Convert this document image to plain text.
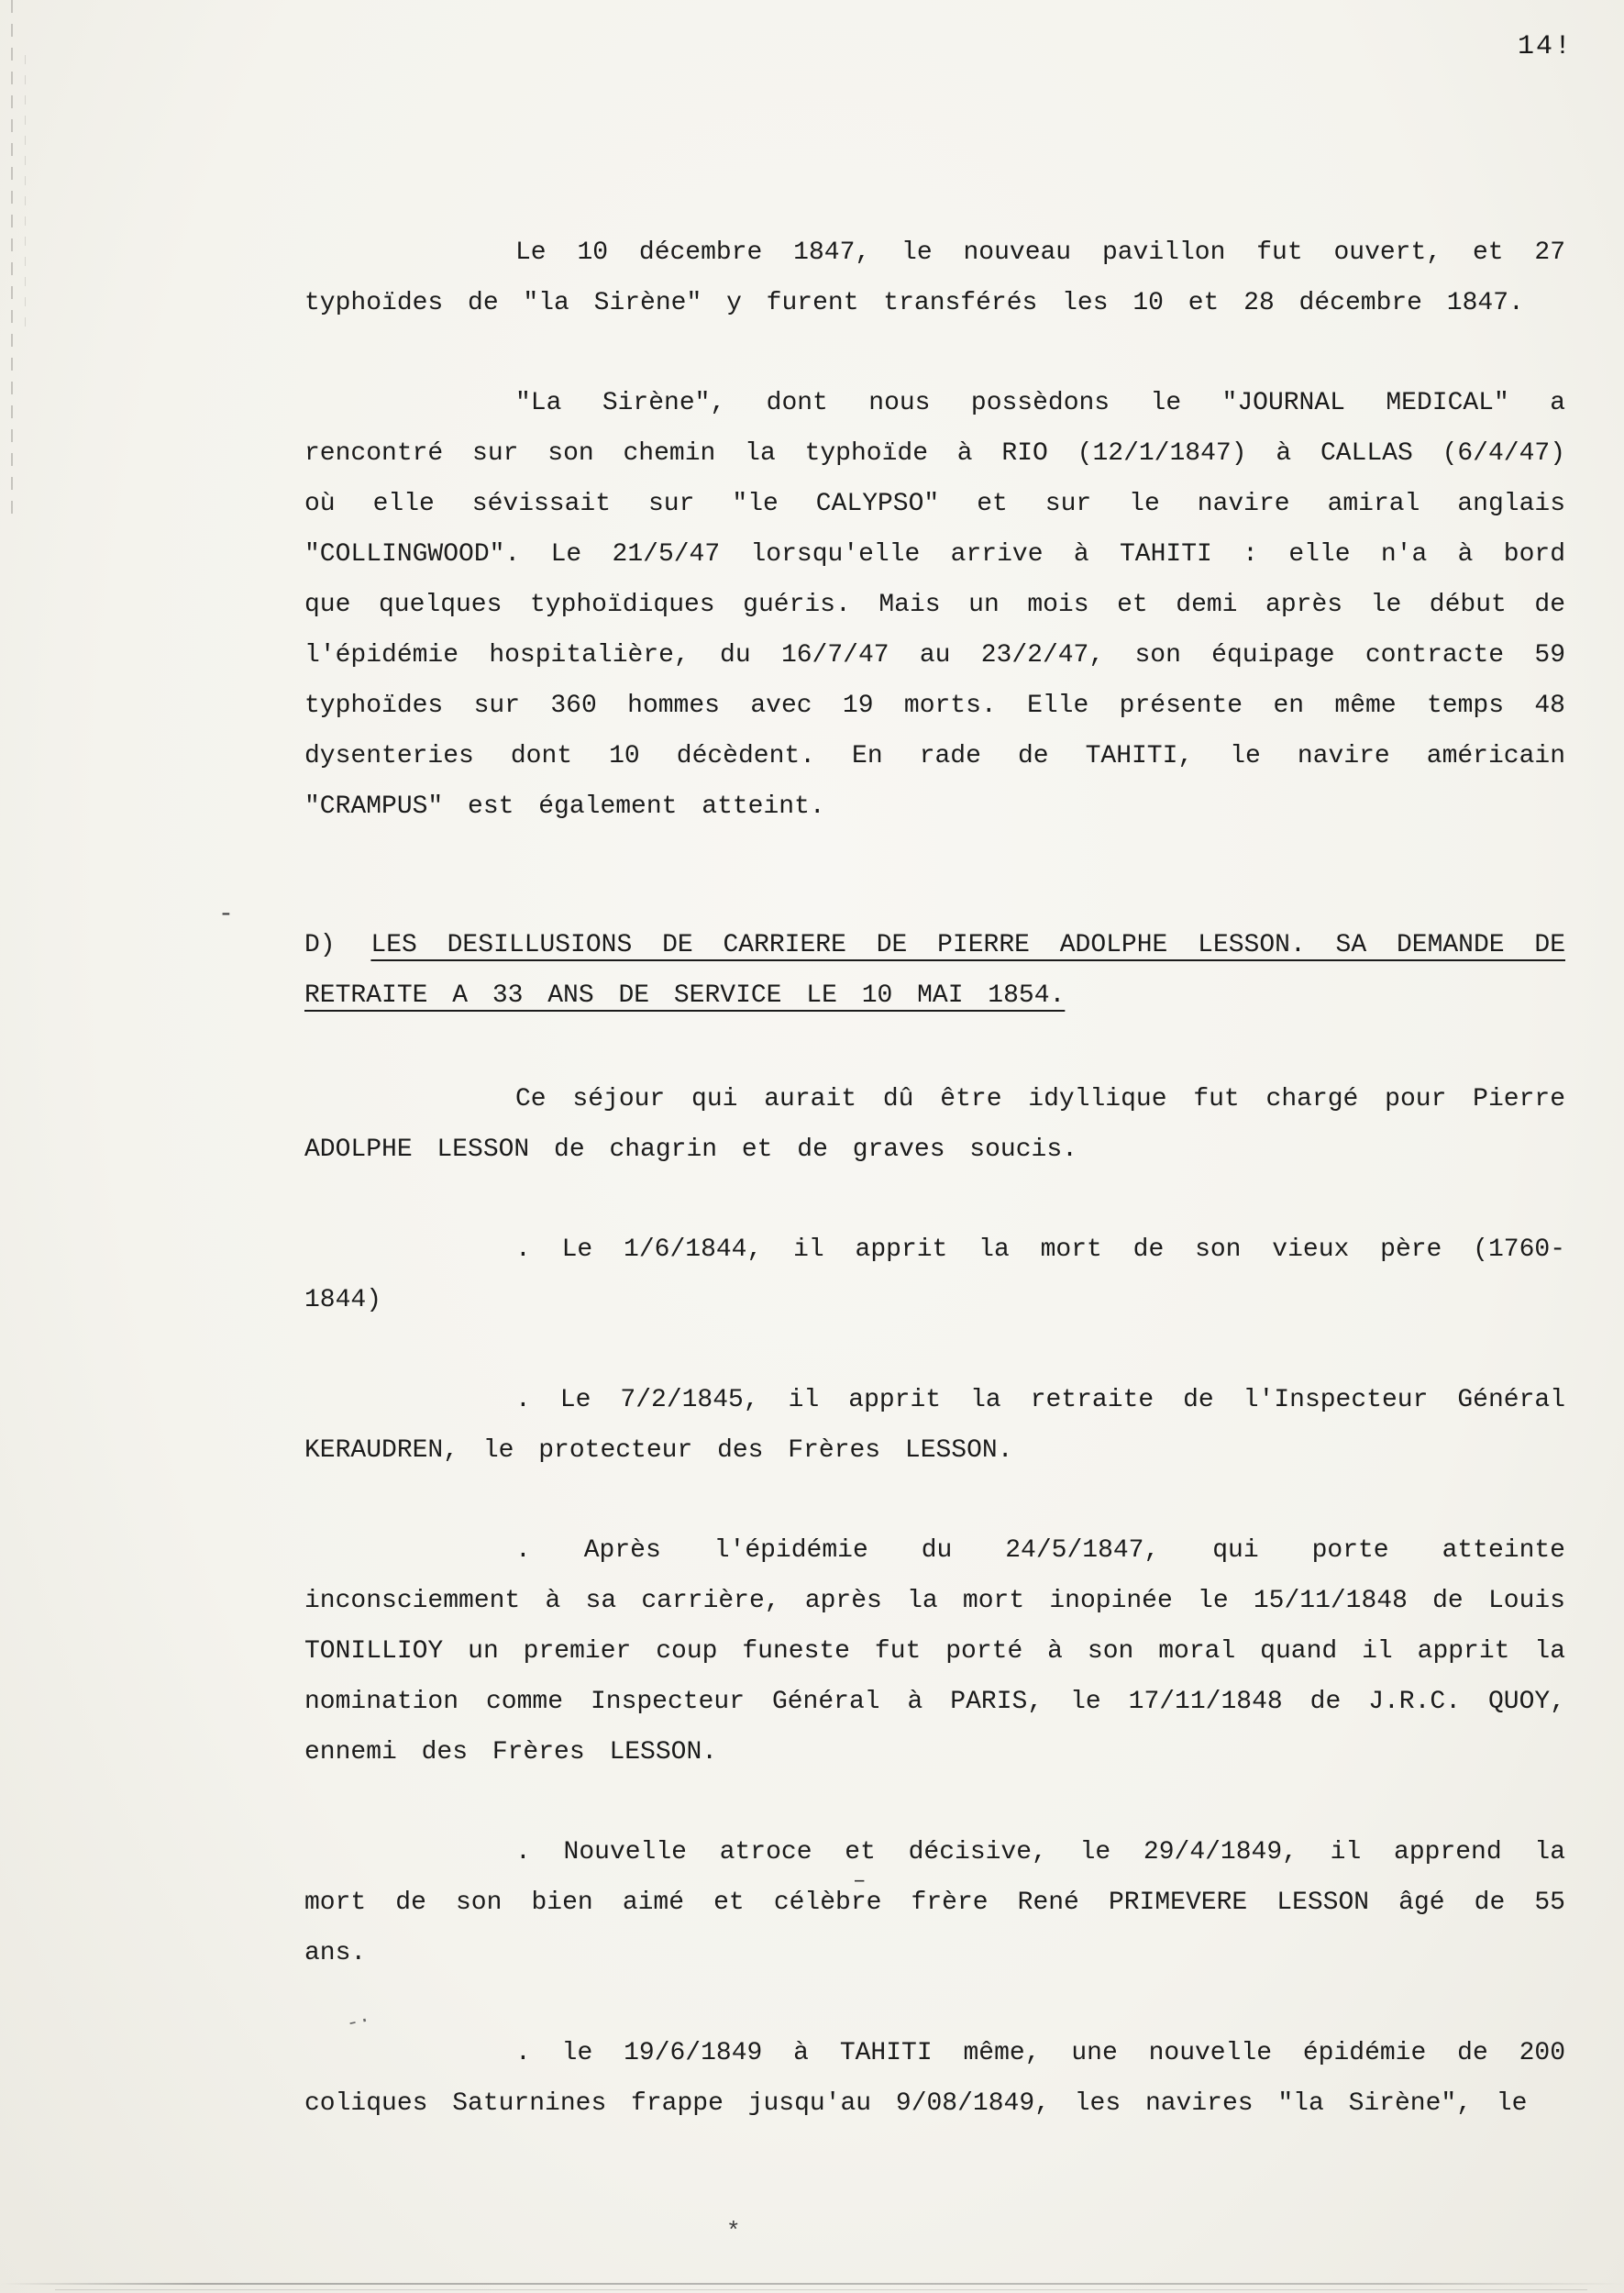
14!

Le 10 décembre 1847, le nouveau pavillon fut ouvert, et 27 typhoïdes de "la Sirène" y furent transférés les 10 et 28 décembre 1847.

"La Sirène", dont nous possèdons le "JOURNAL MEDICAL" a rencontré sur son chemin la typhoïde à RIO (12/1/1847) à CALLAS (6/4/47) où elle sévissait sur "le CALYPSO" et sur le navire amiral anglais "COLLINGWOOD". Le 21/5/47 lorsqu'elle arrive à TAHITI : elle n'a à bord que quelques typhoïdiques guéris. Mais un mois et demi après le début de l'épidémie hospitalière, du 16/7/47 au 23/2/47, son équipage contracte 59 typhoïdes sur 360 hommes avec 19 morts. Elle présente en même temps 48 dysenteries dont 10 décèdent. En rade de TAHITI, le navire américain "CRAMPUS" est également atteint.

D) LES DESILLUSIONS DE CARRIERE DE PIERRE ADOLPHE LESSON. SA DEMANDE DE
RETRAITE A 33 ANS DE SERVICE LE 10 MAI 1854.

Ce séjour qui aurait dû être idyllique fut chargé pour Pierre ADOLPHE LESSON de chagrin et de graves soucis.

. Le 1/6/1844, il apprit la mort de son vieux père (1760-1844)

. Le 7/2/1845, il apprit la retraite de l'Inspecteur Général KERAUDREN, le protecteur des Frères LESSON.

. Après l'épidémie du 24/5/1847, qui porte atteinte inconsciemment à sa carrière, après la mort inopinée le 15/11/1848 de Louis TONILLIOY un premier coup funeste fut porté à son moral quand il apprit la nomination comme Inspecteur Général à PARIS, le 17/11/1848 de J.R.C. QUOY, ennemi des Frères LESSON.

. Nouvelle atroce et décisive, le 29/4/1849, il apprend la mort de son bien aimé et célèbre frère René PRIMEVERE LESSON âgé de 55 ans.

. le 19/6/1849 à TAHITI même, une nouvelle épidémie de 200 coliques Saturnines frappe jusqu'au 9/08/1849, les navires "la Sirène", le

-
–
-·
*
